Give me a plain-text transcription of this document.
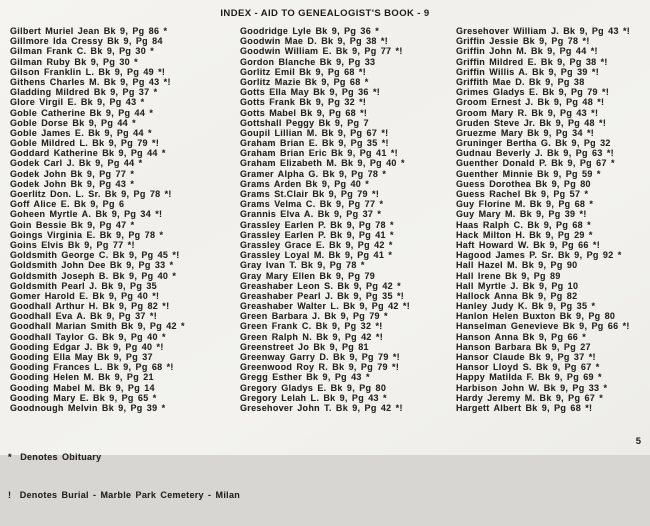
INDEX - AID TO GENEALOGIST'S BOOK - 9
Gilbert Muriel Jean Bk 9, Pg 86 *
Gillmore Ida Cressy Bk 9, Pg 84
Gilman Frank C. Bk 9, Pg 30 *
Gilman Ruby Bk 9, Pg 30 *
Gilson Franklin L. Bk 9, Pg 49 *!
Githens Charles M. Bk 9, Pg 43 *!
Gladding Mildred Bk 9, Pg 37 *
Glore Virgil E. Bk 9, Pg 43 *
Goble Catherine Bk 9, Pg 44 *
Goble Dorse Bk 9, Pg 44 *
Goble James E. Bk 9, Pg 44 *
Goble Mildred L. Bk 9, Pg 79 *!
Goddard Katherine Bk 9, Pg 44 *
Godek Carl J. Bk 9, Pg 44 *
Godek John Bk 9, Pg 77 *
Godek John Bk 9, Pg 43 *
Goerlitz Don. L. Sr. Bk 9, Pg 78 *!
Goff Alice E. Bk 9, Pg 6
Goheen Myrtle A. Bk 9, Pg 34 *!
Goin Bessie Bk 9, Pg 47 *
Goings Virginia E. Bk 9, Pg 78 *
Goins Elvis Bk 9, Pg 77 *!
Goldsmith George C. Bk 9, Pg 45 *!
Goldsmith John Dee Bk 9, Pg 33 *
Goldsmith Joseph B. Bk 9, Pg 40 *
Goldsmith Pearl J. Bk 9, Pg 35
Gomer Harold E. Bk 9, Pg 40 *!
Goodhall Arthur H. Bk 9, Pg 82 *!
Goodhall Eva A. Bk 9, Pg 37 *!
Goodhall Marian Smith Bk 9, Pg 42 *
Goodhall Taylor G. Bk 9, Pg 40 *
Gooding Edgar J. Bk 9, Pg 40 *!
Gooding Ella May Bk 9, Pg 37
Gooding Frances L. Bk 9, Pg 68 *!
Gooding Helen M. Bk 9, Pg 21
Gooding Mabel M. Bk 9, Pg 14
Gooding Mary E. Bk 9, Pg 65 *
Goodnough Melvin Bk 9, Pg 39 *
Goodridge Lyle Bk 9, Pg 36 *
Goodwin Mae D. Bk 9, Pg 38 *!
Goodwin William E. Bk 9, Pg 77 *!
Gordon Blanche Bk 9, Pg 33
Gorlitz Emil Bk 9, Pg 68 *!
Gorlitz Mazie Bk 9, Pg 68 *
Gotts Ella May Bk 9, Pg 36 *!
Gotts Frank Bk 9, Pg 32 *!
Gotts Mabel Bk 9, Pg 68 *!
Gottshall Peggy Bk 9, Pg 7
Goupil Lillian M. Bk 9, Pg 67 *!
Graham Brian E. Bk 9, Pg 35 *!
Graham Brian Eric Bk 9, Pg 41 *!
Graham Elizabeth M. Bk 9, Pg 40 *
Gramer Alpha G. Bk 9, Pg 78 *
Grams Arden Bk 9, Pg 40 *
Grams St.Clair Bk 9, Pg 79 *!
Grams Velma C. Bk 9, Pg 77 *
Grannis Elva A. Bk 9, Pg 37 *
Grassley Earlen P. Bk 9, Pg 78 *
Grassley Earlen P. Bk 9, Pg 41 *
Grassley Grace E. Bk 9, Pg 42 *
Grassley Loyal M. Bk 9, Pg 41 *
Gray Ivan T. Bk 9, Pg 78 *
Gray Mary Ellen Bk 9, Pg 79
Greashaber Leon S. Bk 9, Pg 42 *
Greashaber Pearl J. Bk 9, Pg 35 *!
Greashaber Walter L. Bk 9, Pg 42 *!
Green Barbara J. Bk 9, Pg 79 *
Green Frank C. Bk 9, Pg 32 *!
Green Ralph N. Bk 9, Pg 42 *!
Greenstreet Jo Bk 9, Pg 81
Greenway Garry D. Bk 9, Pg 79 *!
Greenwood Roy R. Bk 9, Pg 79 *!
Gregg Esther Bk 9, Pg 43 *
Gregory Gladys E. Bk 9, Pg 80
Gregory Lelah L. Bk 9, Pg 43 *
Gresehover John T. Bk 9, Pg 42 *!
Gresehover William J. Bk 9, Pg 43 *!
Griffin Jessie Bk 9, Pg 78 *!
Griffin John M. Bk 9, Pg 44 *!
Griffin Mildred E. Bk 9, Pg 38 *!
Griffin Willis A. Bk 9, Pg 39 *!
Griffith Mae D. Bk 9, Pg 38
Grimes Gladys E. Bk 9, Pg 79 *!
Groom Ernest J. Bk 9, Pg 48 *!
Groom Mary R. Bk 9, Pg 43 *!
Gruden Steve Jr. Bk 9, Pg 48 *!
Gruezme Mary Bk 9, Pg 34 *!
Gruninger Bertha G. Bk 9, Pg 32
Gudnau Beverly J. Bk 9, Pg 63 *!
Guenther Donald P. Bk 9, Pg 67 *
Guenther Minnie Bk 9, Pg 59 *
Guess Dorothea Bk 9, Pg 80
Guess Rachel Bk 9, Pg 57 *
Guy Florine M. Bk 9, Pg 68 *
Guy Mary M. Bk 9, Pg 39 *!
Haas Ralph C. Bk 9, Pg 68 *
Hack Milton H. Bk 9, Pg 29 *
Haft Howard W. Bk 9, Pg 66 *!
Hagood James P. Sr. Bk 9, Pg 92 *
Hall Hazel M. Bk 9, Pg 90
Hall Irene Bk 9, Pg 89
Hall Myrtle J. Bk 9, Pg 10
Hallock Anna Bk 9, Pg 82
Hanley Judy K. Bk 9, Pg 35 *
Hanlon Helen Buxton Bk 9, Pg 80
Hanselman Genevieve Bk 9, Pg 66 *!
Hanson Anna Bk 9, Pg 66 *
Hanson Barbara Bk 9, Pg 27
Hansor Claude Bk 9, Pg 37 *!
Hansor Lloyd S. Bk 9, Pg 67 *
Happy Matilda F. Bk 9, Pg 69 *
Harbison John W. Bk 9, Pg 33 *
Hardy Jeremy M. Bk 9, Pg 67 *
Hargett Albert Bk 9, Pg 68 *!

*  Denotes Obituary

!  Denotes Burial - Marble Park Cemetery - Milan

5
